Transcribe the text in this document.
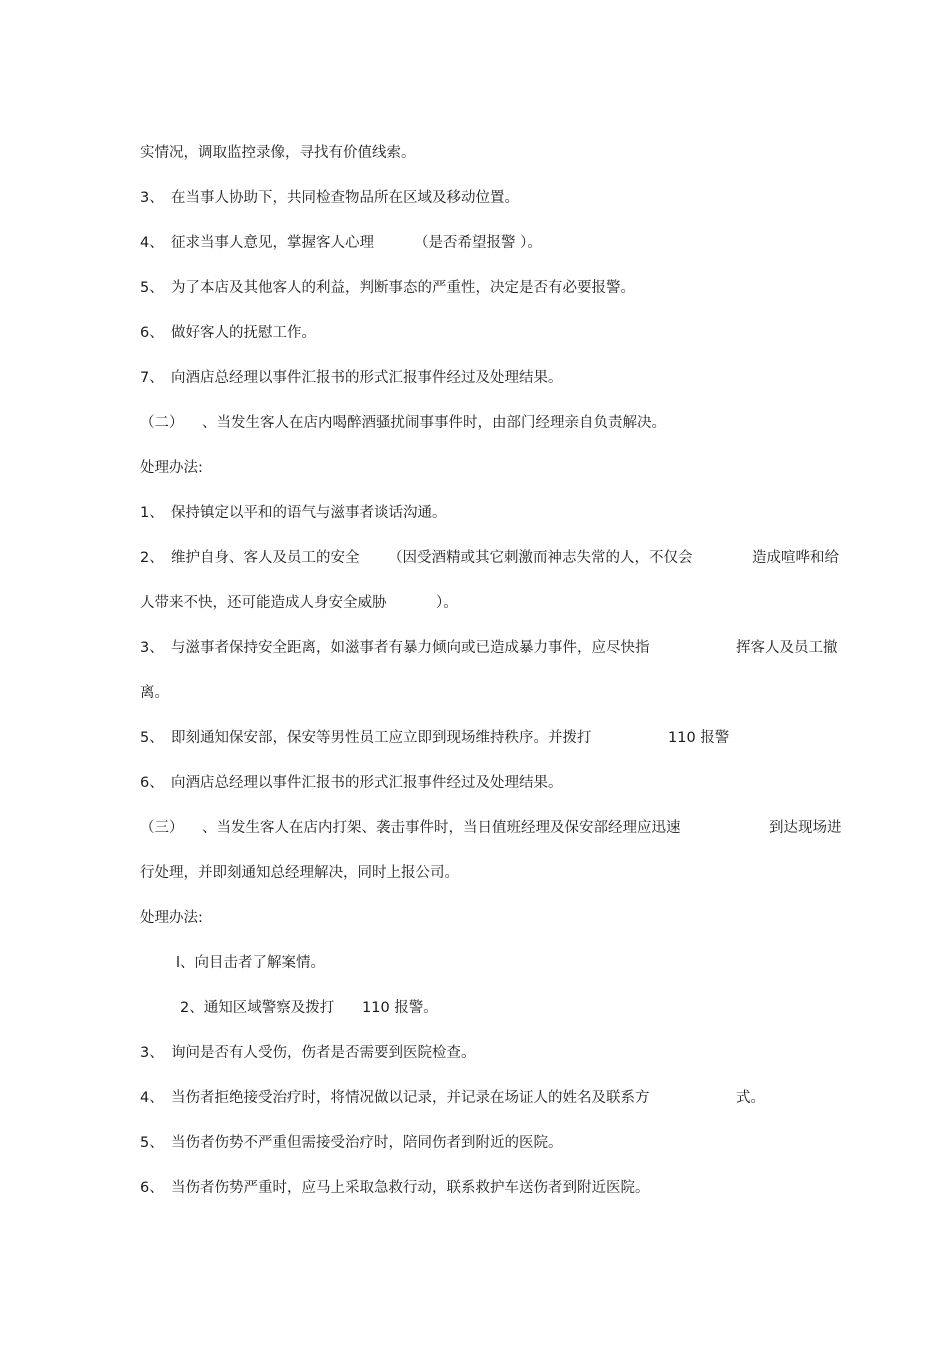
实情况，调取监控录像，寻找有价值线索。
3、 在当事人协助下，共同检查物品所在区域及移动位置。
4、 征求当事人意见，掌握客人心理	（是否希望报警 ）。
5、 为了本店及其他客人的利益，判断事态的严重性，决定是否有必要报警。
6、 做好客人的抚慰工作。
7、 向酒店总经理以事件汇报书的形式汇报事件经过及处理结果。
（二） 、当发生客人在店内喝醉酒骚扰闹事事件时，由部门经理亲自负责解决。
处理办法:
1、 保持镇定以平和的语气与滋事者谈话沟通。
2、 维护自身、客人及员工的安全 （因受酒精或其它刺激而神志失常的人，不仅会	造成喧哗和给
人带来不快，还可能造成人身安全威胁	）。
3、 与滋事者保持安全距离，如滋事者有暴力倾向或已造成暴力事件，应尽快指	挥客人及员工撤
离。
5、 即刻通知保安部，保安等男性员工应立即到现场维持秩序。并拨打	110 报警
6、 向酒店总经理以事件汇报书的形式汇报事件经过及处理结果。
（三） 、当发生客人在店内打架、袭击事件时，当日值班经理及保安部经理应迅速	到达现场进
行处理，并即刻通知总经理解决，同时上报公司。
处理办法:
l、向目击者了解案情。
2、通知区域警察及拨打 110 报警。
3、 询问是否有人受伤，伤者是否需要到医院检查。
4、 当伤者拒绝接受治疗时，将情况做以记录，并记录在场证人的姓名及联系方	式。
5、 当伤者伤势不严重但需接受治疗时，陪同伤者到附近的医院。
6、 当伤者伤势严重时，应马上采取急救行动，联系救护车送伤者到附近医院。
